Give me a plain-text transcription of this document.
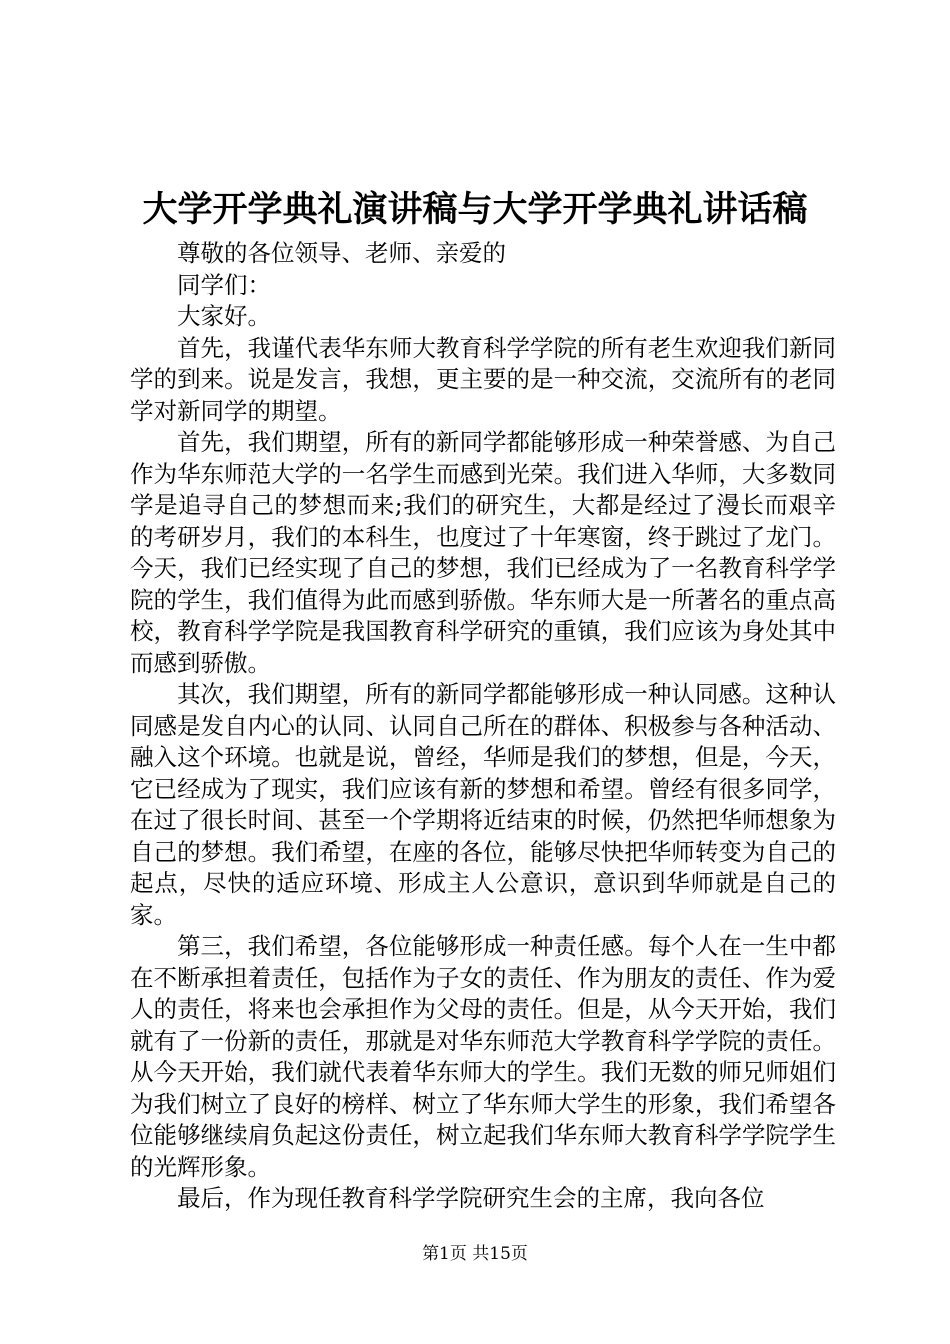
大学开学典礼演讲稿与大学开学典礼讲话稿

尊敬的各位领导、老师、亲爱的

同学们：

大家好。

首先，我谨代表华东师大教育科学学院的所有老生欢迎我们新同学的到来。说是发言，我想，更主要的是一种交流，交流所有的老同学对新同学的期望。

首先，我们期望，所有的新同学都能够形成一种荣誉感、为自己作为华东师范大学的一名学生而感到光荣。我们进入华师，大多数同学是追寻自己的梦想而来;我们的研究生，大都是经过了漫长而艰辛的考研岁月，我们的本科生，也度过了十年寒窗，终于跳过了龙门。今天，我们已经实现了自己的梦想，我们已经成为了一名教育科学学院的学生，我们值得为此而感到骄傲。华东师大是一所著名的重点高校，教育科学学院是我国教育科学研究的重镇，我们应该为身处其中而感到骄傲。

其次，我们期望，所有的新同学都能够形成一种认同感。这种认同感是发自内心的认同、认同自己所在的群体、积极参与各种活动、融入这个环境。也就是说，曾经，华师是我们的梦想，但是，今天，它已经成为了现实，我们应该有新的梦想和希望。曾经有很多同学，在过了很长时间、甚至一个学期将近结束的时候，仍然把华师想象为自己的梦想。我们希望，在座的各位，能够尽快把华师转变为自己的起点，尽快的适应环境、形成主人公意识，意识到华师就是自己的家。

第三，我们希望，各位能够形成一种责任感。每个人在一生中都在不断承担着责任，包括作为子女的责任、作为朋友的责任、作为爱人的责任，将来也会承担作为父母的责任。但是，从今天开始，我们就有了一份新的责任，那就是对华东师范大学教育科学学院的责任。从今天开始，我们就代表着华东师大的学生。我们无数的师兄师姐们为我们树立了良好的榜样、树立了华东师大学生的形象，我们希望各位能够继续肩负起这份责任，树立起我们华东师大教育科学学院学生的光辉形象。

最后，作为现任教育科学学院研究生会的主席，我向各位

第1页 共15页
